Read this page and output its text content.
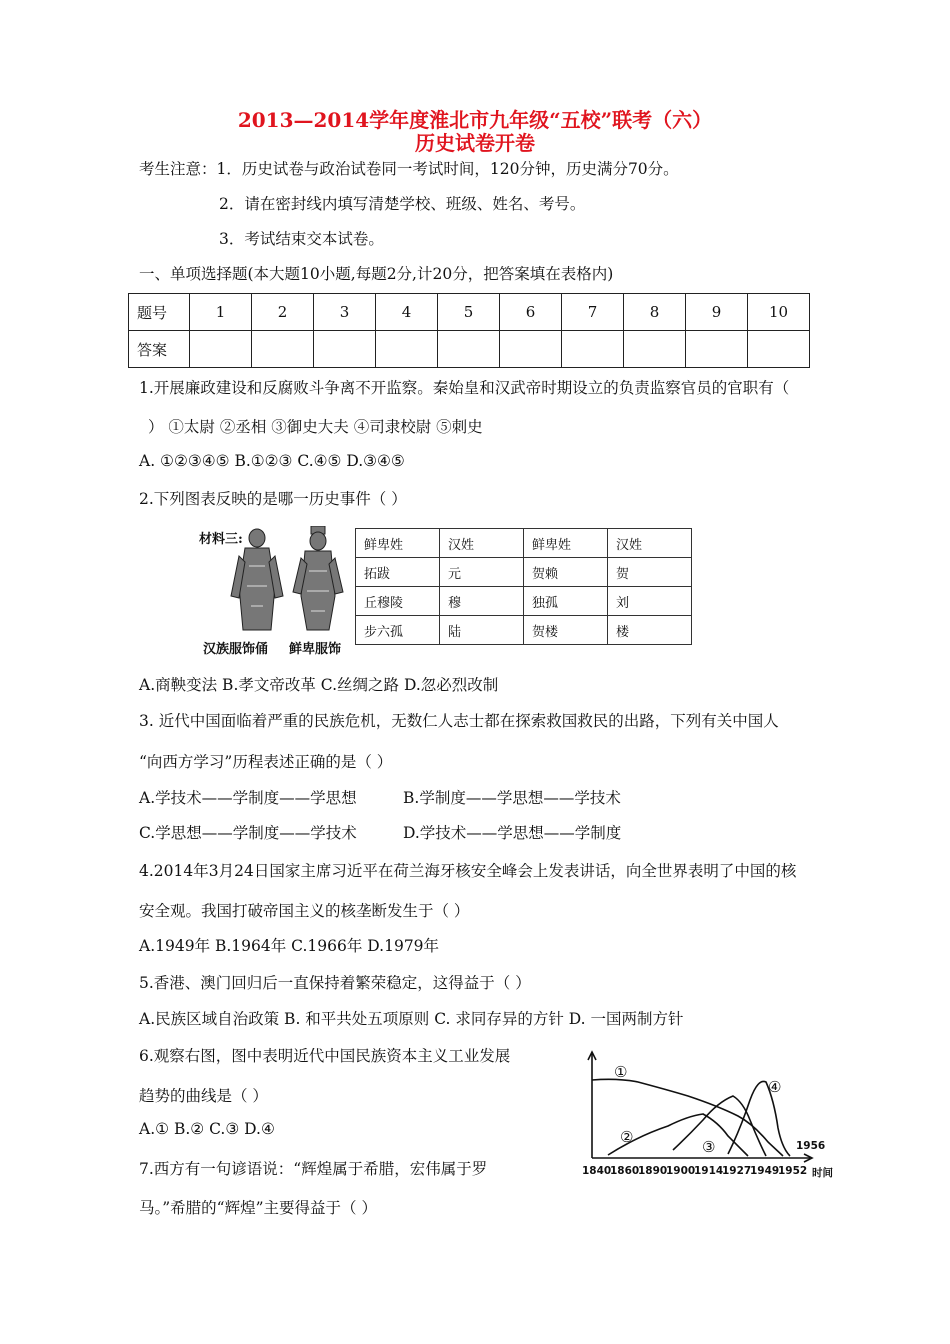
2013—2014学年度淮北市九年级“五校”联考（六）
历史试卷开卷
考生注意：1．历史试卷与政治试卷同一考试时间，120分钟，历史满分70分。
2．请在密封线内填写清楚学校、班级、姓名、考号。
3．考试结束交本试卷。
一、单项选择题(本大题10小题,每题2分,计20分，把答案填在表格内)
题号	1	2	3	4	5	6	7	8	9	10
答案										
1.开展廉政建设和反腐败斗争离不开监察。秦始皇和汉武帝时期设立的负责监察官员的官职有（
） ①太尉 ②丞相 ③御史大夫 ④司隶校尉 ⑤刺史
A. ①②③④⑤ B.①②③ C.④⑤ D.③④⑤
2.下列图表反映的是哪一历史事件（ ）
材料三:
汉族服饰俑 鲜卑服饰
鲜卑姓	汉姓	鲜卑姓	汉姓
拓跋	元	贺赖	贺
丘穆陵	穆	独孤	刘
步六孤	陆	贺楼	楼
A.商鞅变法 B.孝文帝改革 C.丝绸之路 D.忽必烈改制
3. 近代中国面临着严重的民族危机，无数仁人志士都在探索救国救民的出路，下列有关中国人
“向西方学习”历程表述正确的是（ ）
A.学技术——学制度——学思想	B.学制度——学思想——学技术
C.学思想——学制度——学技术	D.学技术——学思想——学制度
4.2014年3月24日国家主席习近平在荷兰海牙核安全峰会上发表讲话，向全世界表明了中国的核
安全观。我国打破帝国主义的核垄断发生于（ ）
A.1949年 B.1964年 C.1966年 D.1979年
5.香港、澳门回归后一直保持着繁荣稳定，这得益于（ ）
A.民族区域自治政策 B. 和平共处五项原则 C. 求同存异的方针 D. 一国两制方针
6.观察右图，图中表明近代中国民族资本主义工业发展
趋势的曲线是（ ）
A.① B.② C.③ D.④
①
②
③
④
1956
1840
1860
1890
1900
1914
1927
1949
1952 时间
7.西方有一句谚语说：“辉煌属于希腊，宏伟属于罗
马。”希腊的“辉煌”主要得益于（ ）
